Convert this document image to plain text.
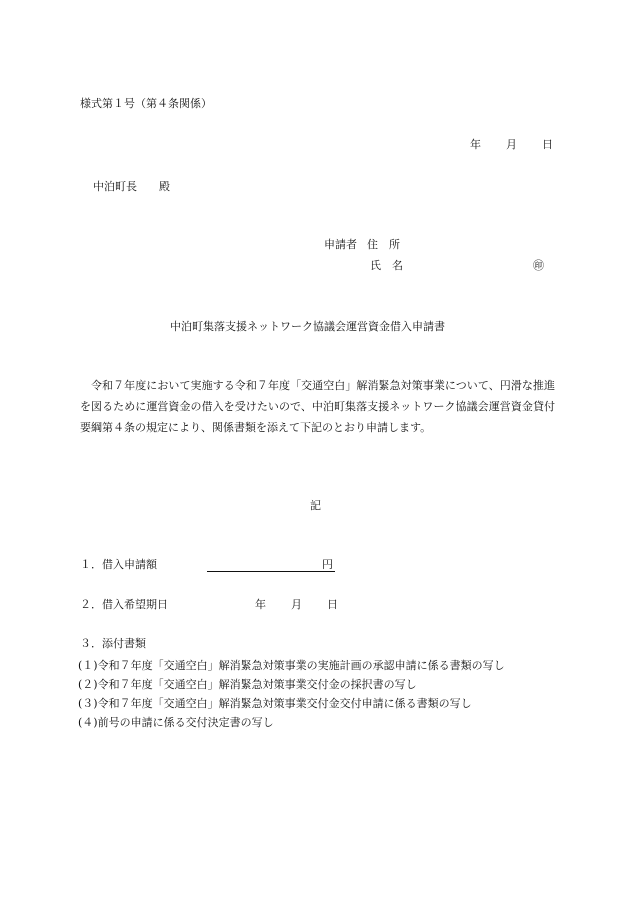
様式第１号（第４条関係）
年 月 日
中泊町長 殿
申請者 住　所
氏　名	㊞
中泊町集落支援ネットワーク協議会運営資金借入申請書
令和７年度において実施する令和７年度「交通空白」解消緊急対策事業について、円滑な推進を図るために運営資金の借入を受けたいので、中泊町集落支援ネットワーク協議会運営資金貸付要綱第４条の規定により、関係書類を添えて下記のとおり申請します。
記
１．借入申請額	円
２．借入希望期日	年 月 日
３．添付書類
(１)令和７年度「交通空白」解消緊急対策事業の実施計画の承認申請に係る書類の写し
(２)令和７年度「交通空白」解消緊急対策事業交付金の採択書の写し
(３)令和７年度「交通空白」解消緊急対策事業交付金交付申請に係る書類の写し
(４)前号の申請に係る交付決定書の写し
